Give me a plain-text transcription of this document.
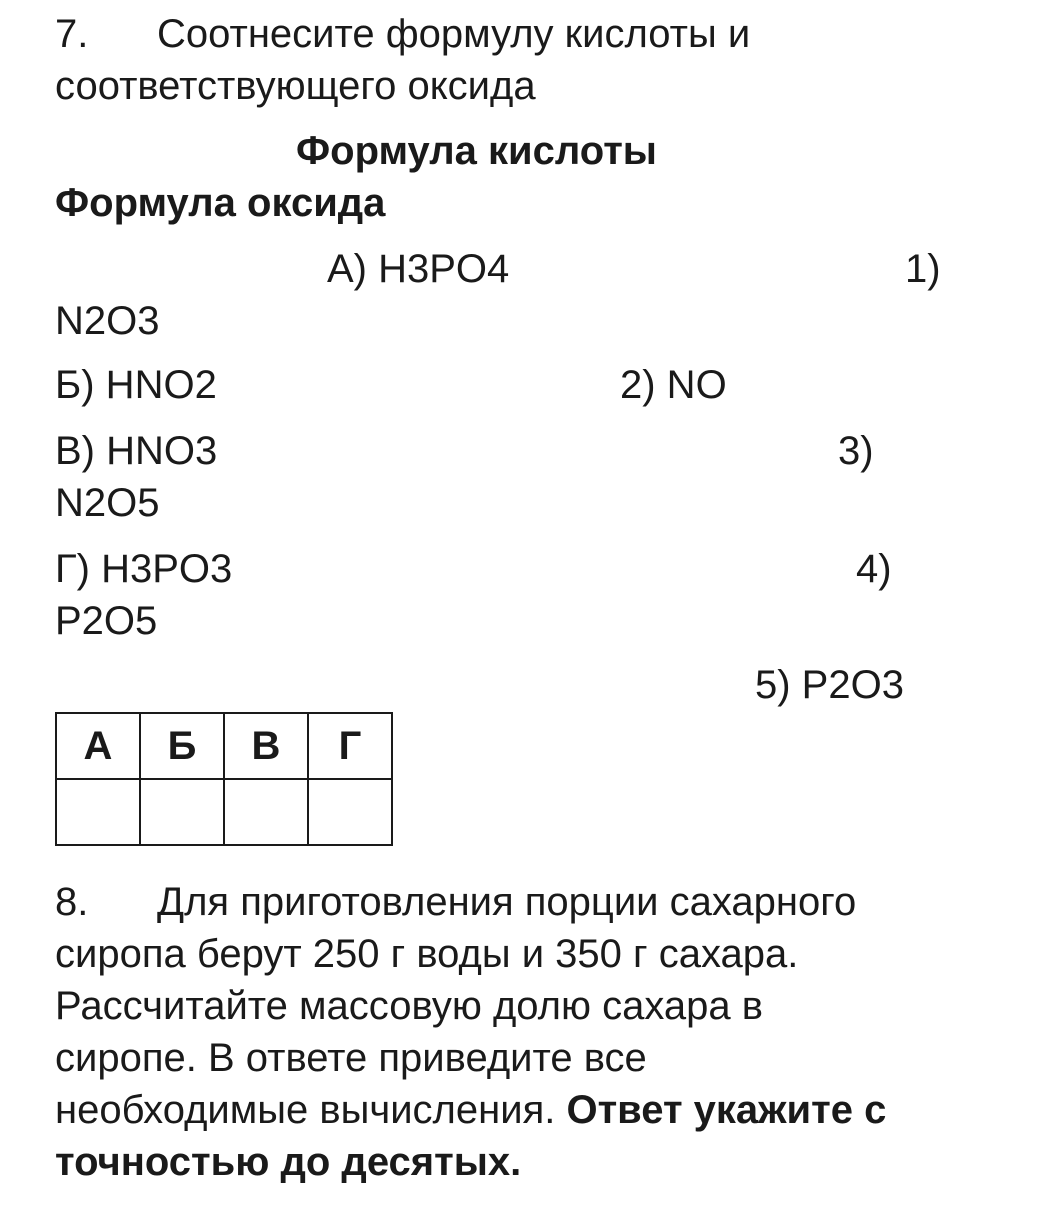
7. Соотнесите формулу кислоты и
соответствующего оксида
Формула кислоты
Формула оксида
А) H3PO4	1)
N2O3
Б) HNO2	2) NO
В) HNO3	3)
N2O5
Г) H3PO3	4)
P2O5
5) P2O3
А	Б	В	Г

8. Для приготовления порции сахарного
сиропа берут 250 г воды и 350 г сахара.
Рассчитайте массовую долю сахара в
сиропе. В ответе приведите все
необходимые вычисления. Ответ укажите с
точностью до десятых.
